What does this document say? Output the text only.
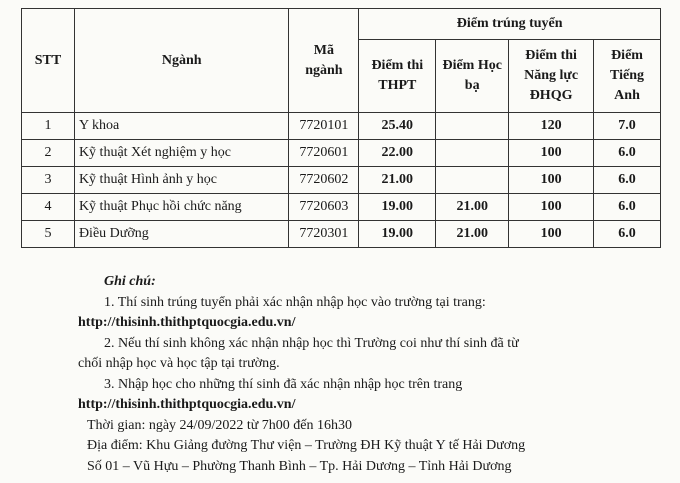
STT	Ngành	Mã ngành	Điểm trúng tuyển			
			Điểm thi THPT	Điểm Học bạ	Điểm thi Năng lực ĐHQG	Điểm Tiếng Anh
1	Y khoa	7720101	25.40		120	7.0
2	Kỹ thuật Xét nghiệm y học	7720601	22.00		100	6.0
3	Kỹ thuật Hình ảnh y học	7720602	21.00		100	6.0
4	Kỹ thuật Phục hồi chức năng	7720603	19.00	21.00	100	6.0
5	Điều Dưỡng	7720301	19.00	21.00	100	6.0

Ghi chú:

1. Thí sinh trúng tuyển phải xác nhận nhập học vào trường tại trang:

http://thisinh.thithptquocgia.edu.vn/

2. Nếu thí sinh không xác nhận nhập học thì Trường coi như thí sinh đã từ

chối nhập học và học tập tại trường.

3. Nhập học cho những thí sinh đã xác nhận nhập học trên trang

http://thisinh.thithptquocgia.edu.vn/

Thời gian: ngày 24/09/2022 từ 7h00 đến 16h30

Địa điểm: Khu Giảng đường Thư viện – Trường ĐH Kỹ thuật Y tế Hải Dương

Số 01 – Vũ Hựu – Phường Thanh Bình – Tp. Hải Dương – Tỉnh Hải Dương
